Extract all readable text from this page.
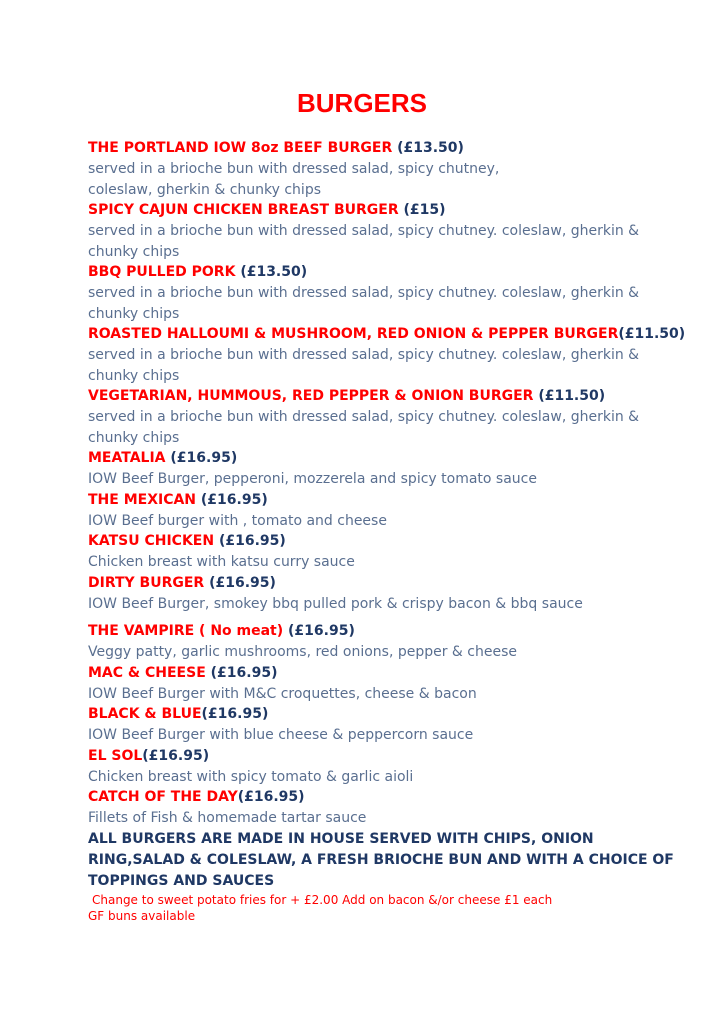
BURGERS
THE PORTLAND IOW 8oz BEEF BURGER (£13.50)
served in a brioche bun with dressed salad, spicy chutney,
coleslaw, gherkin & chunky chips
SPICY CAJUN CHICKEN BREAST BURGER (£15)
served in a brioche bun with dressed salad, spicy chutney. coleslaw, gherkin &
chunky chips
BBQ PULLED PORK (£13.50)
served in a brioche bun with dressed salad, spicy chutney. coleslaw, gherkin &
chunky chips
ROASTED HALLOUMI & MUSHROOM, RED ONION & PEPPER BURGER(£11.50)
served in a brioche bun with dressed salad, spicy chutney. coleslaw, gherkin &
chunky chips
VEGETARIAN, HUMMOUS, RED PEPPER & ONION BURGER (£11.50)
served in a brioche bun with dressed salad, spicy chutney. coleslaw, gherkin &
chunky chips
MEATALIA (£16.95)
IOW Beef Burger, pepperoni, mozzerela and spicy tomato sauce
THE MEXICAN (£16.95)
IOW Beef burger with , tomato and cheese
KATSU CHICKEN (£16.95)
Chicken breast with katsu curry sauce
DIRTY BURGER (£16.95)
IOW Beef Burger, smokey bbq pulled pork & crispy bacon & bbq sauce
THE VAMPIRE ( No meat) (£16.95)
Veggy patty, garlic mushrooms, red onions, pepper & cheese
MAC & CHEESE (£16.95)
IOW Beef Burger with M&C croquettes, cheese & bacon
BLACK & BLUE(£16.95)
IOW Beef Burger with blue cheese & peppercorn sauce
EL SOL(£16.95)
Chicken breast with spicy tomato & garlic aioli
CATCH OF THE DAY(£16.95)
Fillets of Fish & homemade tartar sauce

ALL BURGERS ARE MADE IN HOUSE SERVED WITH CHIPS, ONION RING,SALAD & COLESLAW, A FRESH BRIOCHE BUN AND WITH A CHOICE OF TOPPINGS AND SAUCES

Change to sweet potato fries for + £2.00 Add on bacon &/or cheese £1 each
GF buns available
